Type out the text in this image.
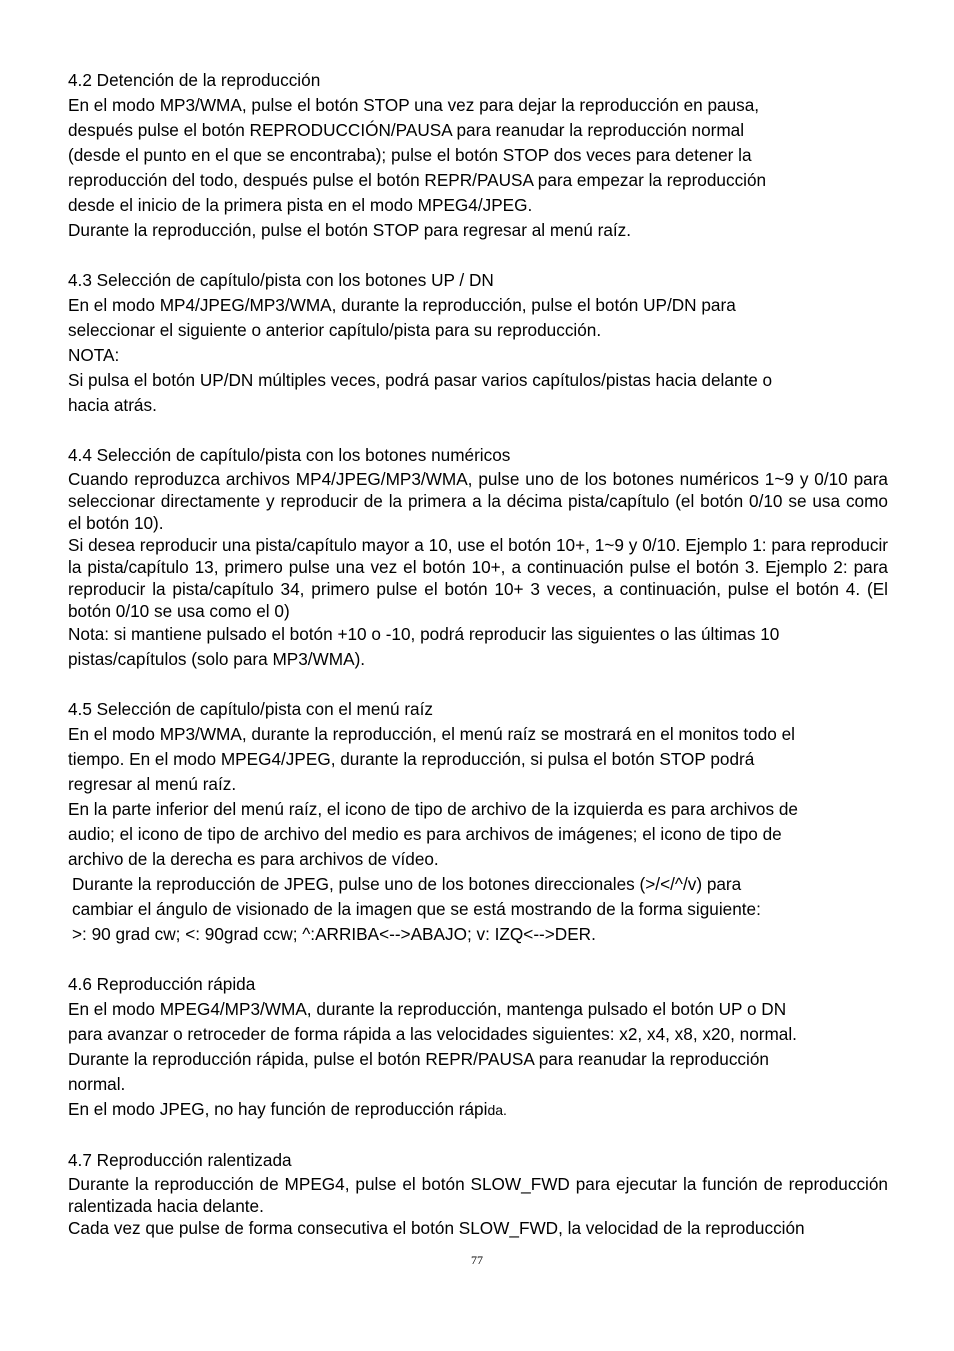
4.2 Detención de la reproducción

En el modo MP3/WMA, pulse el botón STOP una vez para dejar la reproducción en pausa,

después pulse el botón REPRODUCCIÓN/PAUSA para reanudar la reproducción normal

(desde el punto en el que se encontraba); pulse el botón STOP dos veces para detener la

reproducción del todo, después pulse el botón REPR/PAUSA para empezar la reproducción

desde el inicio de la primera pista en el modo MPEG4/JPEG.

Durante la reproducción, pulse el botón STOP para regresar al menú raíz.

4.3 Selección de capítulo/pista con los botones UP / DN

En el modo MP4/JPEG/MP3/WMA, durante la reproducción, pulse el botón UP/DN para

seleccionar el siguiente o anterior capítulo/pista para su reproducción.

NOTA:

Si pulsa el botón UP/DN múltiples veces, podrá pasar varios capítulos/pistas hacia delante o

hacia atrás.

4.4 Selección de capítulo/pista con los botones numéricos

Cuando reproduzca archivos MP4/JPEG/MP3/WMA, pulse uno de los botones numéricos 1~9 y 0/10 para seleccionar directamente y reproducir de la primera a la décima pista/capítulo (el botón 0/10 se usa como el botón 10).

Si desea reproducir una pista/capítulo mayor a 10, use el botón 10+, 1~9 y 0/10. Ejemplo 1: para reproducir la pista/capítulo 13, primero pulse una vez el botón 10+, a continuación pulse el botón 3. Ejemplo 2: para reproducir la pista/capítulo 34, primero pulse el botón 10+ 3 veces, a continuación, pulse el botón 4. (El botón 0/10 se usa como el 0)

Nota: si mantiene pulsado el botón +10 o -10, podrá reproducir las siguientes o las últimas 10

pistas/capítulos (solo para MP3/WMA).

4.5 Selección de capítulo/pista con el menú raíz

En el modo MP3/WMA, durante la reproducción, el menú raíz se mostrará en el monitos todo el

tiempo. En el modo MPEG4/JPEG, durante la reproducción, si pulsa el botón STOP podrá

regresar al menú raíz.

En la parte inferior del menú raíz, el icono de tipo de archivo de la izquierda es para archivos de

audio; el icono de tipo de archivo del medio es para archivos de imágenes; el icono de tipo de

archivo de la derecha es para archivos de vídeo.

Durante la reproducción de JPEG, pulse uno de los botones direccionales (>/</^/v) para

cambiar el ángulo de visionado de la imagen que se está mostrando de la forma siguiente:

>: 90 grad cw; <: 90grad ccw; ^:ARRIBA<-->ABAJO; v: IZQ<-->DER.

4.6 Reproducción rápida

En el modo MPEG4/MP3/WMA, durante la reproducción, mantenga pulsado el botón UP o DN

para avanzar o retroceder de forma rápida a las velocidades siguientes: x2, x4, x8, x20, normal.

Durante la reproducción rápida, pulse el botón REPR/PAUSA para reanudar la reproducción

normal.

En el modo JPEG, no hay función de reproducción rápida.

4.7 Reproducción ralentizada

Durante la reproducción de MPEG4, pulse el botón SLOW_FWD para ejecutar la función de reproducción ralentizada hacia delante.

Cada vez que pulse de forma consecutiva el botón SLOW_FWD, la velocidad de la reproducción

77
